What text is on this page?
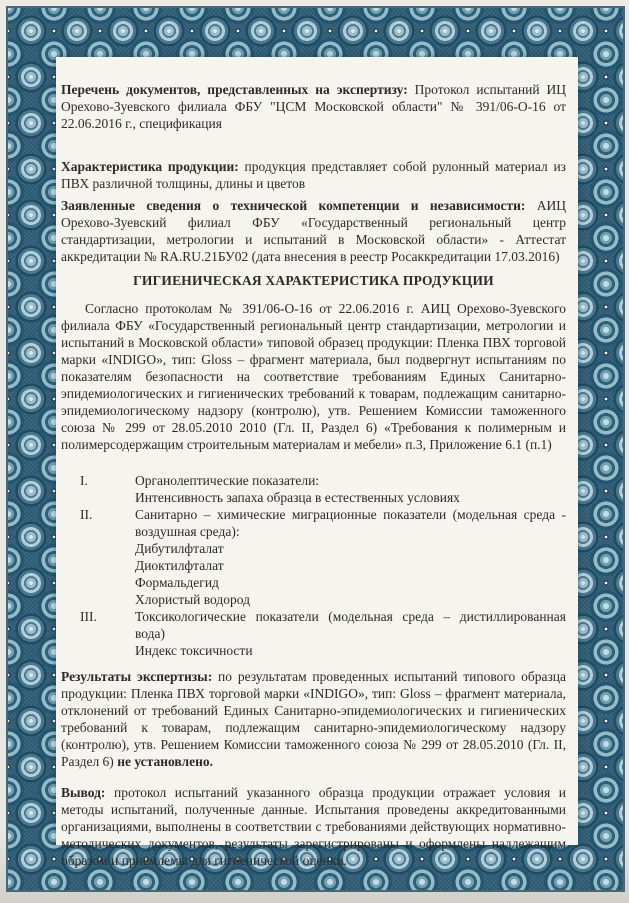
Перечень документов, представленных на экспертизу: Протокол испытаний ИЦ Орехово-Зуевского филиала ФБУ "ЦСМ Московской области" № 391/06-О-16 от 22.06.2016 г., спецификация

Характеристика продукции: продукция представляет собой рулонный материал из ПВХ различной толщины, длины и цветов

Заявленные сведения о технической компетенции и независимости: АИЦ Орехово-Зуевский филиал ФБУ «Государственный региональный центр стандартизации, метрологии и испытаний в Московской области» - Аттестат аккредитации № RA.RU.21БУ02 (дата внесения в реестр Росаккредитации 17.03.2016)

ГИГИЕНИЧЕСКАЯ ХАРАКТЕРИСТИКА ПРОДУКЦИИ

Согласно протоколам № 391/06-О-16 от 22.06.2016 г. АИЦ Орехово-Зуевского филиала ФБУ «Государственный региональный центр стандартизации, метрологии и испытаний в Московской области» типовой образец продукции: Пленка ПВХ торговой марки «INDIGO», тип: Gloss – фрагмент материала, был подвергнут испытаниям по показателям безопасности на соответствие требованиям Единых Санитарно-эпидемиологических и гигиенических требований к товарам, подлежащим санитарно-эпидемиологическому надзору (контролю), утв. Решением Комиссии таможенного союза № 299 от 28.05.2010 2010 (Гл. II, Раздел 6) «Требования к полимерным и полимерсодержащим строительным материалам и мебели» п.3, Приложение 6.1 (п.1)

I.	Органолептические показатели:
Интенсивность запаха образца в естественных условиях
II.	Санитарно – химические миграционные показатели (модельная среда - воздушная среда):
Дибутилфталат
Диоктилфталат
Формальдегид
Хлористый водород
III.	Токсикологические показатели (модельная среда – дистиллированная вода)
Индекс токсичности

Результаты экспертизы: по результатам проведенных испытаний типового образца продукции: Пленка ПВХ торговой марки «INDIGO», тип: Gloss – фрагмент материала, отклонений от требований Единых Санитарно-эпидемиологических и гигиенических требований к товарам, подлежащим санитарно-эпидемиологическому надзору (контролю), утв. Решением Комиссии таможенного союза № 299 от 28.05.2010 (Гл. II, Раздел 6) не установлено.

Вывод: протокол испытаний указанного образца продукции отражает условия и методы испытаний, полученные данные. Испытания проведены аккредитованными организациями, выполнены в соответствии с требованиями действующих нормативно-методических документов, результаты зарегистрированы и оформлены надлежащим образом и приемлемы для гигиенической оценки.
